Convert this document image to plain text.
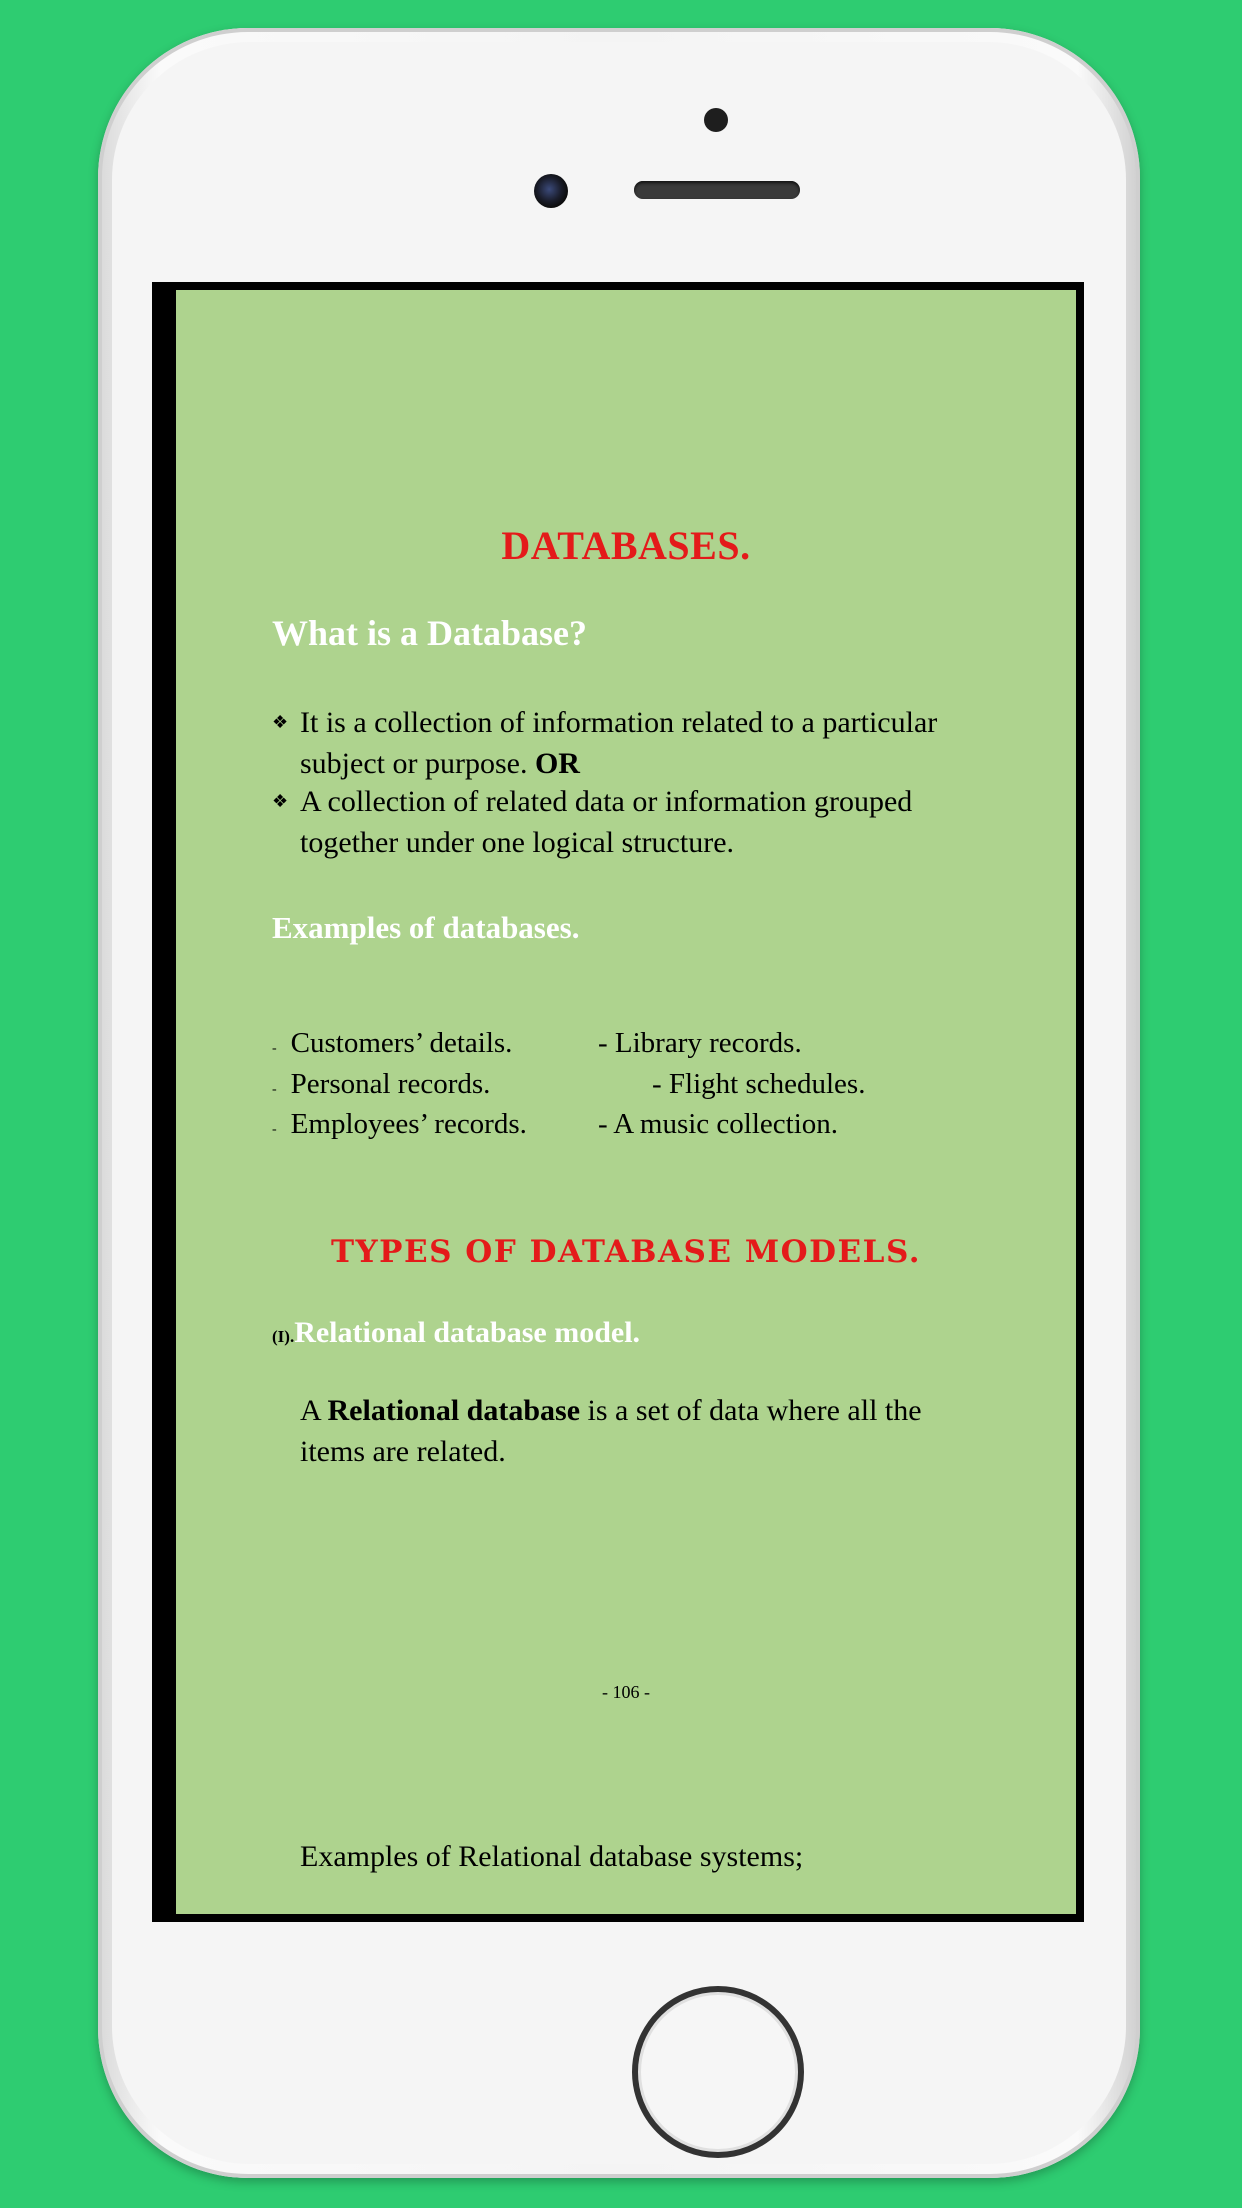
DATABASES.
What is a Database?
❖ It is a collection of information related to a particular subject or purpose. OR
❖ A collection of related data or information grouped together under one logical structure.
Examples of databases.
- Customers’ details.
- Personal records.
- Employees’ records.
- Library records.
- Flight schedules.
- A music collection.
TYPES OF DATABASE MODELS.
(I).Relational database model.
A Relational database is a set of data where all the items are related.
- 106 -
Examples of Relational database systems;
